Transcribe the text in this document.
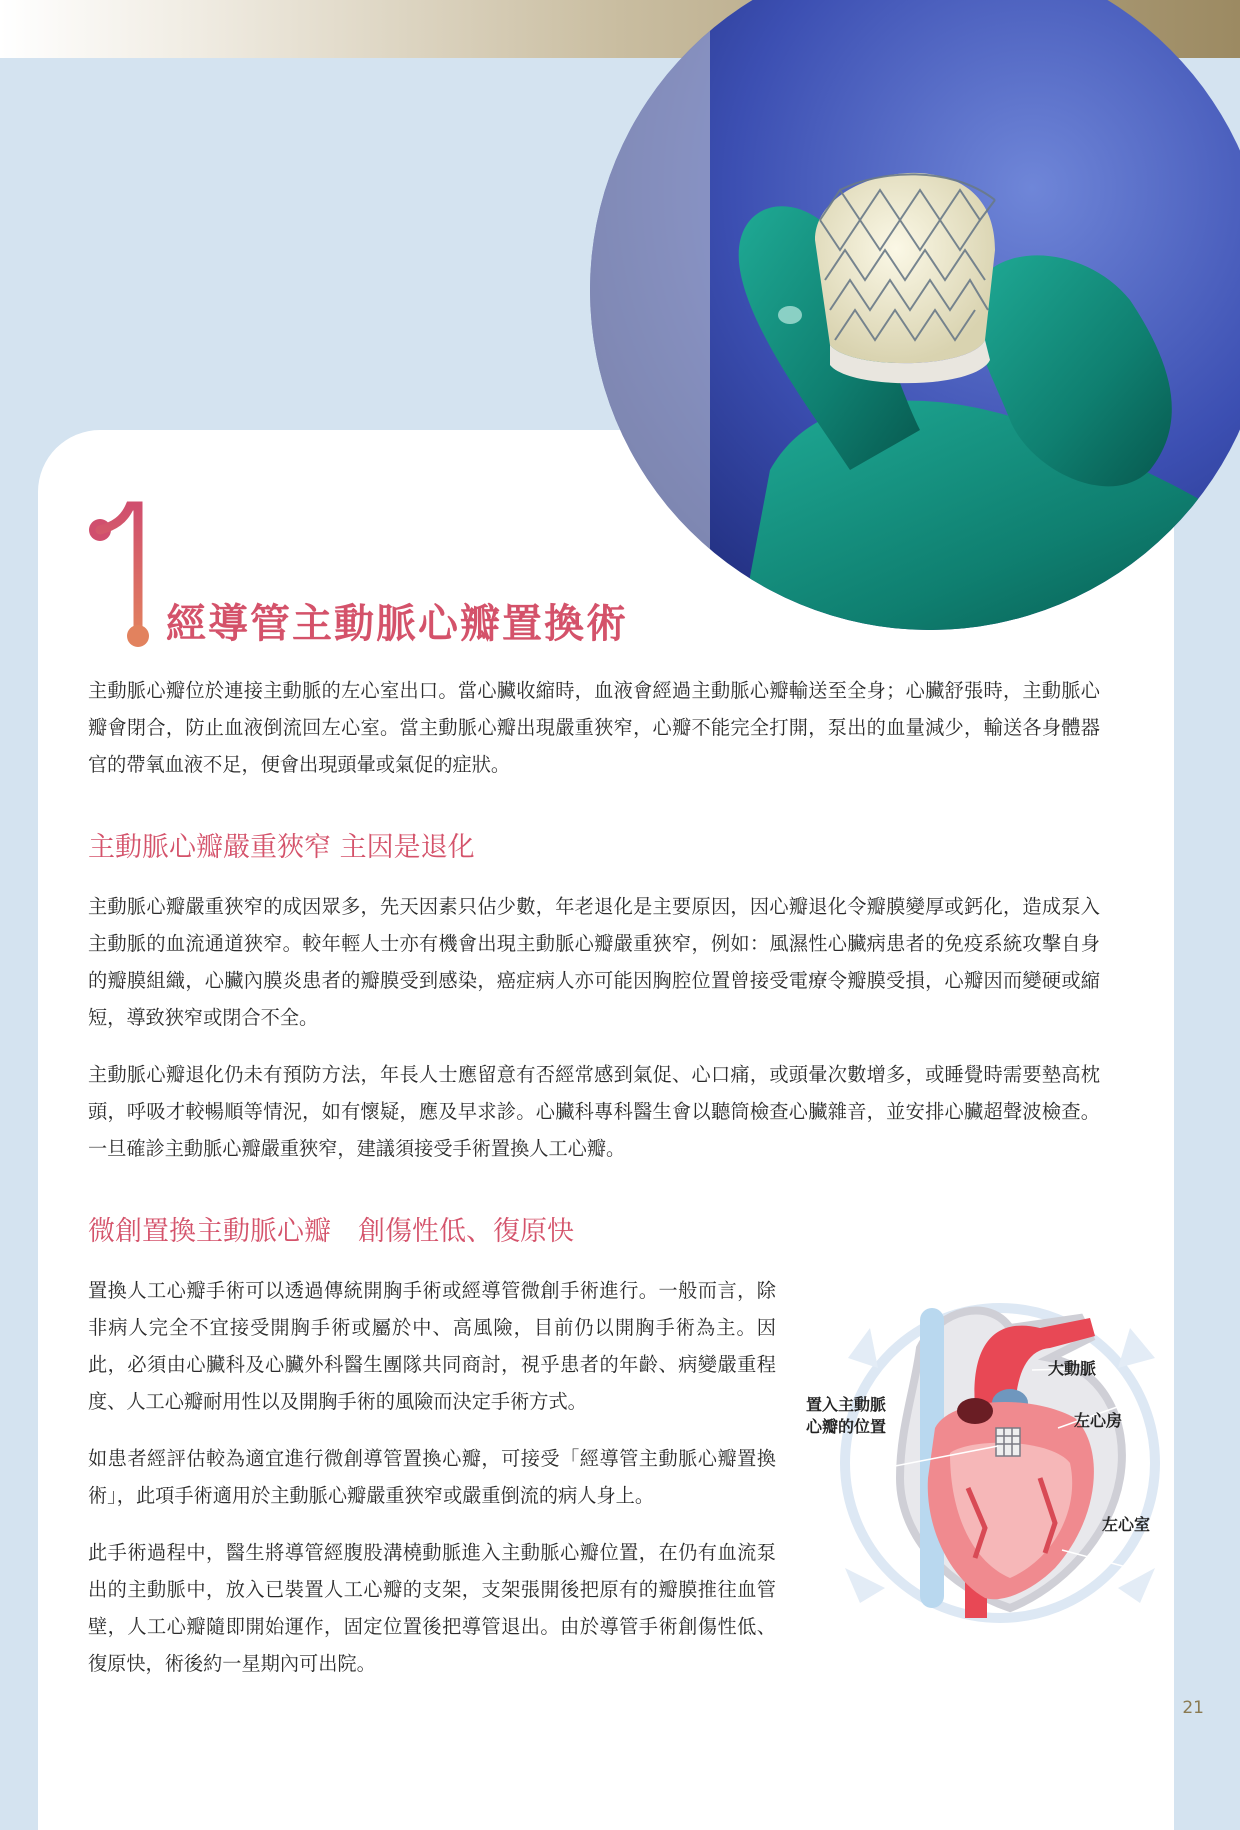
經導管主動脈心瓣置換術

主動脈心瓣位於連接主動脈的左心室出口。當心臟收縮時，血液會經過主動脈心瓣輸送至全身；心臟舒張時，主動脈心瓣會閉合，防止血液倒流回左心室。當主動脈心瓣出現嚴重狹窄，心瓣不能完全打開，泵出的血量減少，輸送各身體器官的帶氧血液不足，便會出現頭暈或氣促的症狀。

主動脈心瓣嚴重狹窄 主因是退化

主動脈心瓣嚴重狹窄的成因眾多，先天因素只佔少數，年老退化是主要原因，因心瓣退化令瓣膜變厚或鈣化，造成泵入主動脈的血流通道狹窄。較年輕人士亦有機會出現主動脈心瓣嚴重狹窄，例如：風濕性心臟病患者的免疫系統攻擊自身的瓣膜組織，心臟內膜炎患者的瓣膜受到感染，癌症病人亦可能因胸腔位置曾接受電療令瓣膜受損，心瓣因而變硬或縮短，導致狹窄或閉合不全。

主動脈心瓣退化仍未有預防方法，年長人士應留意有否經常感到氣促、心口痛，或頭暈次數增多，或睡覺時需要墊高枕頭，呼吸才較暢順等情況，如有懷疑，應及早求診。心臟科專科醫生會以聽筒檢查心臟雜音，並安排心臟超聲波檢查。一旦確診主動脈心瓣嚴重狹窄，建議須接受手術置換人工心瓣。

微創置換主動脈心瓣　創傷性低、復原快

置換人工心瓣手術可以透過傳統開胸手術或經導管微創手術進行。一般而言，除非病人完全不宜接受開胸手術或屬於中、高風險，目前仍以開胸手術為主。因此，必須由心臟科及心臟外科醫生團隊共同商討，視乎患者的年齡、病變嚴重程度、人工心瓣耐用性以及開胸手術的風險而決定手術方式。

如患者經評估較為適宜進行微創導管置換心瓣，可接受「經導管主動脈心瓣置換術」，此項手術適用於主動脈心瓣嚴重狹窄或嚴重倒流的病人身上。

此手術過程中，醫生將導管經腹股溝橈動脈進入主動脈心瓣位置，在仍有血流泵出的主動脈中，放入已裝置人工心瓣的支架，支架張開後把原有的瓣膜推往血管壁，人工心瓣隨即開始運作，固定位置後把導管退出。由於導管手術創傷性低、復原快，術後約一星期內可出院。

置入主動脈
心瓣的位置
大動脈
左心房
左心室
21
